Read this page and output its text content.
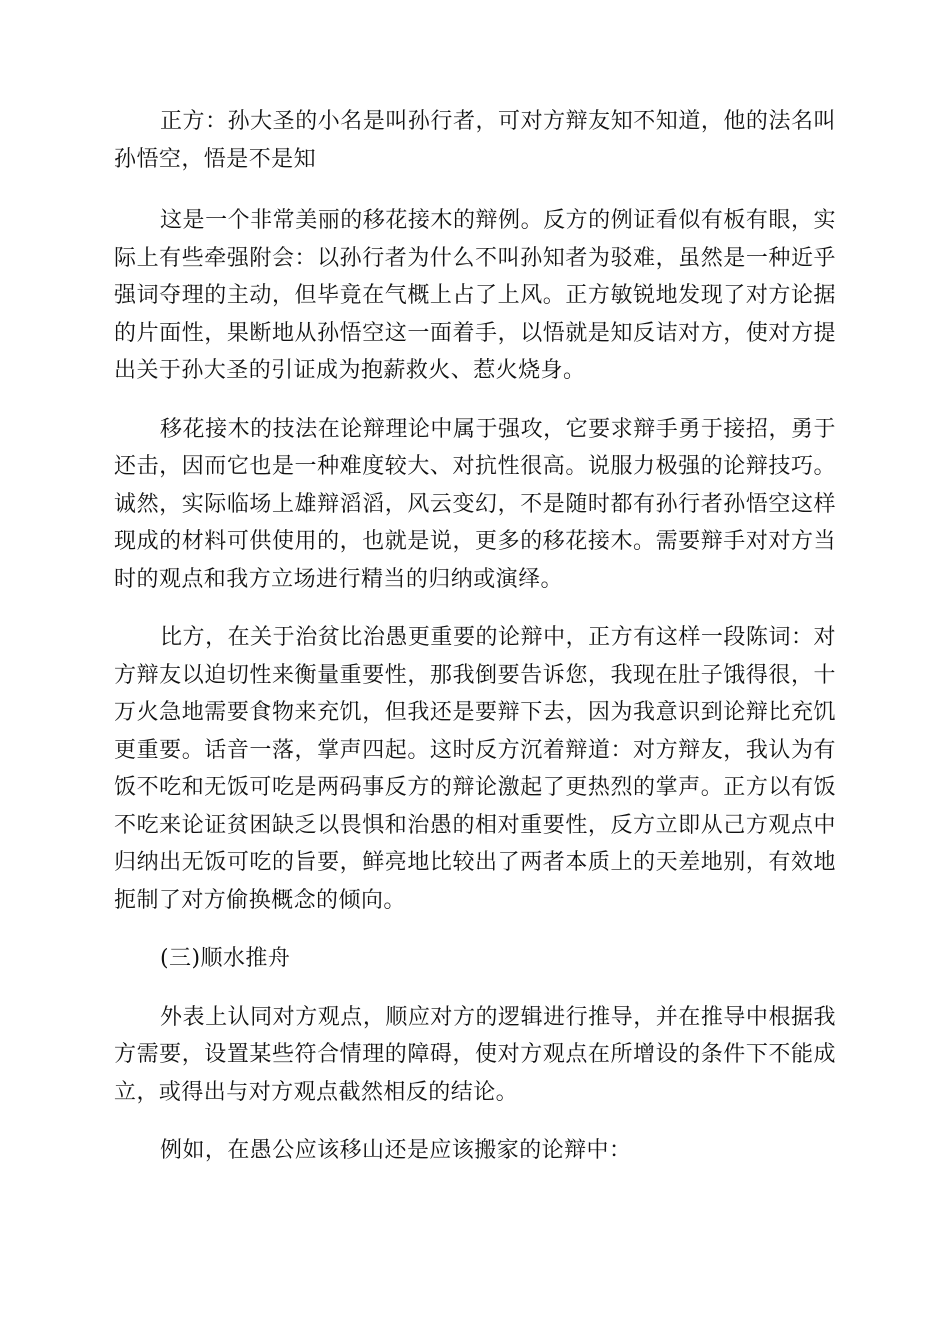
正方：孙大圣的小名是叫孙行者，可对方辩友知不知道，他的法名叫孙悟空，悟是不是知

这是一个非常美丽的移花接木的辩例。反方的例证看似有板有眼，实际上有些牵强附会：以孙行者为什么不叫孙知者为驳难，虽然是一种近乎强词夺理的主动，但毕竟在气概上占了上风。正方敏锐地发现了对方论据的片面性，果断地从孙悟空这一面着手，以悟就是知反诘对方，使对方提出关于孙大圣的引证成为抱薪救火、惹火烧身。

移花接木的技法在论辩理论中属于强攻，它要求辩手勇于接招，勇于还击，因而它也是一种难度较大、对抗性很高。说服力极强的论辩技巧。诚然，实际临场上雄辩滔滔，风云变幻，不是随时都有孙行者孙悟空这样现成的材料可供使用的，也就是说，更多的移花接木。需要辩手对对方当时的观点和我方立场进行精当的归纳或演绎。

比方，在关于治贫比治愚更重要的论辩中，正方有这样一段陈词：对方辩友以迫切性来衡量重要性，那我倒要告诉您，我现在肚子饿得很，十万火急地需要食物来充饥，但我还是要辩下去，因为我意识到论辩比充饥更重要。话音一落，掌声四起。这时反方沉着辩道：对方辩友，我认为有饭不吃和无饭可吃是两码事反方的辩论激起了更热烈的掌声。正方以有饭不吃来论证贫困缺乏以畏惧和治愚的相对重要性，反方立即从己方观点中归纳出无饭可吃的旨要，鲜亮地比较出了两者本质上的天差地别，有效地扼制了对方偷换概念的倾向。

(三)顺水推舟

外表上认同对方观点，顺应对方的逻辑进行推导，并在推导中根据我方需要，设置某些符合情理的障碍，使对方观点在所增设的条件下不能成立，或得出与对方观点截然相反的结论。

例如，在愚公应该移山还是应该搬家的论辩中：
